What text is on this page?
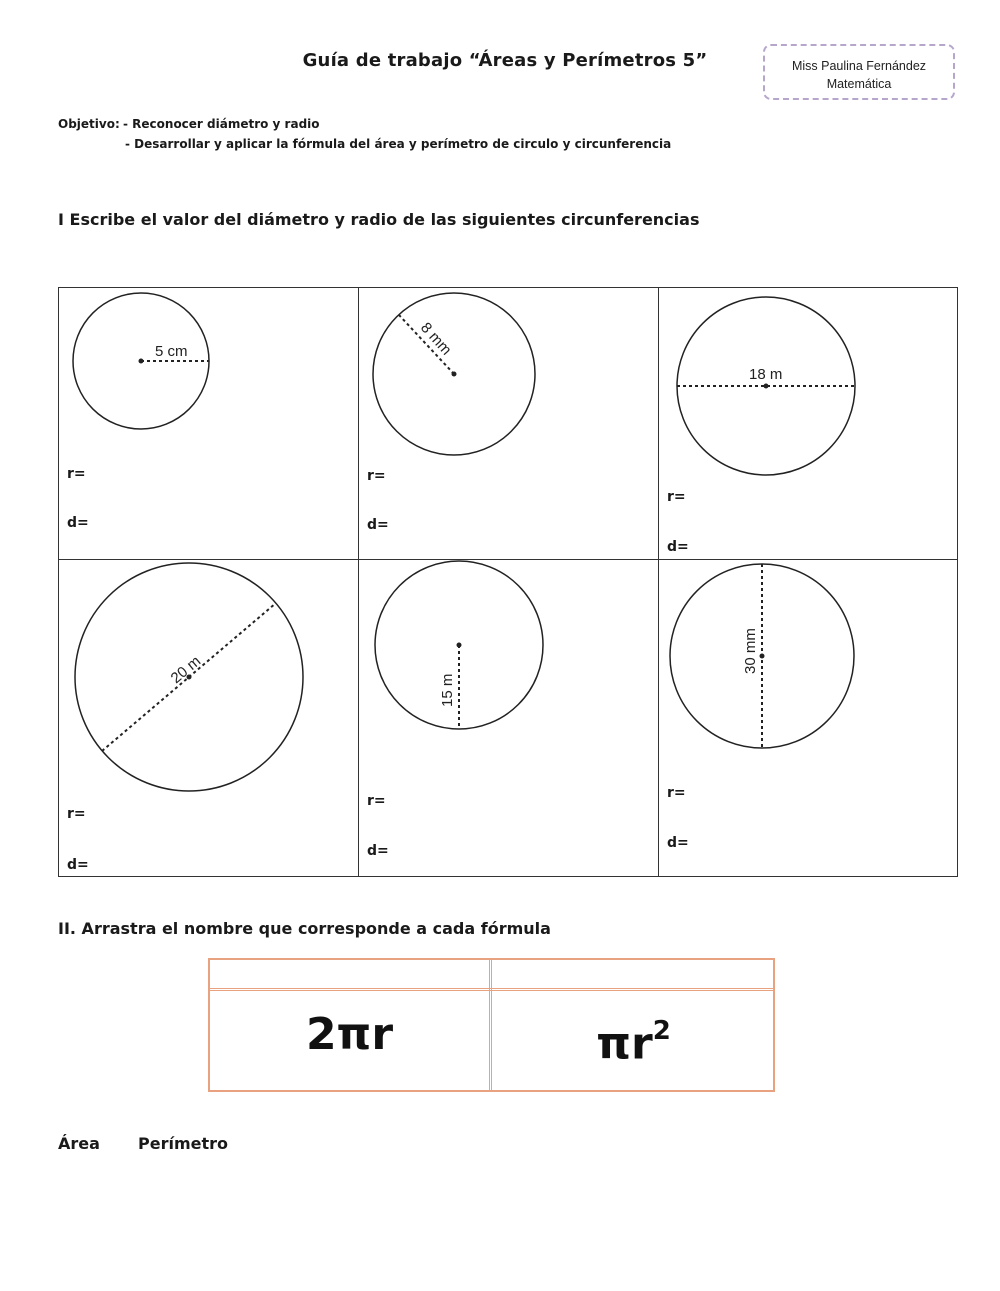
Guía de trabajo “Áreas y Perímetros 5”	Miss Paulina Fernández
Matemática
Objetivo: - Reconocer diámetro y radio
- Desarrollar y aplicar la fórmula del área y perímetro de circulo y circunferencia
I Escribe el valor del diámetro y radio de las siguientes circunferencias
5 cm
r=
d=
8 mm
r=
d=
18 m
r=
d=
20 m
r=
d=
15 m
r=
d=
30 mm
r=
d=
II. Arrastra el nombre que corresponde a cada fórmula
2πr	$\pi r^2$
Área Perímetro
